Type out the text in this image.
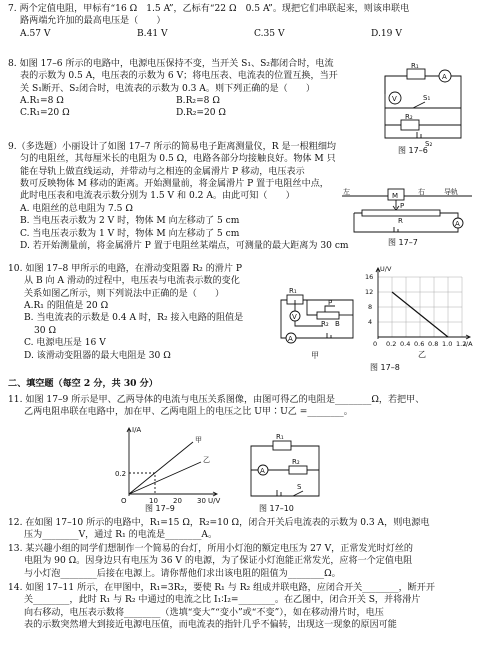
7. 两个定值电阻，甲标有“16 Ω　1.5 A”，乙标有“22 Ω　0.5 A”。现把它们串联起来，则该串联电

路两端允许加的最高电压是（　　）

A.57 V	B.41 V	C.35 V	D.19 V

8. 如图 17–6 所示的电路中，电源电压保持不变，当开关 S₁、S₂都闭合时，电流

表的示数为 0.5 A，电压表的示数为 6 V；将电压表、电流表的位置互换，当开

关 S₁断开、S₂闭合时，电流表的示数为 0.3 A。则下列正确的是（　　）

A.R₁=8 Ω	B.R₂=8 Ω
C.R₁=20 Ω	D.R₂=20 Ω
R₁
A
V	S₁
R₂
S₂
图 17–6

9.（多选题）小丽设计了如图 17–7 所示的简易电子距离测量仪，R 是一根粗细均

匀的电阻丝，其每厘米长的电阻为 0.5 Ω，电路各部分均接触良好。物体 M 只

能在导轨上做直线运动，并带动与之相连的金属滑片 P 移动，电压表示

数可反映物体 M 移动的距离。开始测量前，将金属滑片 P 置于电阻丝中点，

此时电压表和电流表示数分别为 1.5 V 和 0.2 A。由此可知（　　）

A. 电阻丝的总电阻为 7.5 Ω

B. 当电压表示数为 2 V 时，物体 M 向左移动了 5 cm

C. 当电压表示数为 1 V 时，物体 M 向左移动了 5 cm

D. 若开始测量前，将金属滑片 P 置于电阻丝某端点，可测量的最大距离为 30 cm

左	右	导轨
M
P
R	A
图 17–7

10. 如图 17–8 甲所示的电路，在滑动变阻器 R₂ 的滑片 P

从 B 向 A 滑动的过程中，电压表与电流表示数的变化

关系如图乙所示，则下列说法中正确的是（　　）

A.R₁ 的阻值是 20 Ω

B. 当电流表的示数是 0.4 A 时，R₂ 接入电路的阻值是

30 Ω

C. 电源电压是 16 V

D. 该滑动变阻器的最大电阻是 30 Ω

R₁
P
V
A
R₂ B
甲
U/V
16
12
8
4
0 0.2 0.4 0.6 0.8 1.0 1.2
I/A
乙
图 17–8
二、填空题（每空 2 分，共 30 分）

11. 如图 17–9 所示是甲、乙两导体的电流与电压关系图像，由图可得乙的电阻是________Ω，若把甲、

乙两电阻串联在电路中，加在甲、乙两电阻上的电压之比 U甲∶U乙 =________。

I/A
甲
乙
0.2
O	10 20 30 U/V
图 17–9
R₁
A
R₂
S
图 17–10

12. 在如图 17–10 所示的电路中，R₁=15 Ω，R₂=10 Ω，闭合开关后电流表的示数为 0.3 A，则电源电

压为________V，通过 R₁ 的电流是________A。

13. 某兴趣小组的同学们想制作一个简易的台灯，所用小灯泡的额定电压为 27 V，正常发光时灯丝的

电阻为 90 Ω。因身边只有电压为 36 V 的电源，为了保证小灯泡能正常发光，应将一个定值电阻

与小灯泡________后接在电源上。请你帮他们求出该电阻的阻值为________Ω。

14. 如图 17–11 所示，在甲图中，R₁=3R₂，要使 R₁ 与 R₂ 组成并联电路，应闭合开关________，断开开

关________，此时 R₁ 与 R₂ 中通过的电流之比 I₁∶I₂=________。在乙图中，闭合开关 S，并将滑片

向右移动，电压表示数将________（选填“变大”“变小”或“不变”），如在移动滑片时，电压

表的示数突然增大到接近电源电压值，而电流表的指针几乎不偏转，出现这一现象的原因可能
